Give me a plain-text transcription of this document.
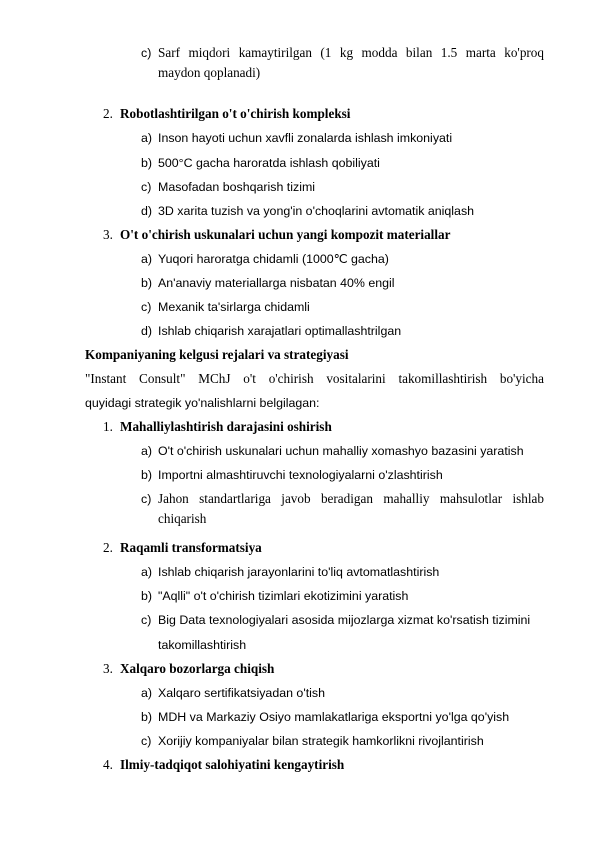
c) Sarf miqdori kamaytirilgan (1 kg modda bilan 1.5 marta ko'proq
maydon qoplanadi)
2. Robotlashtirilgan o't o'chirish kompleksi
a) Inson hayoti uchun xavfli zonalarda ishlash imkoniyati
b) 500°C gacha haroratda ishlash qobiliyati
c) Masofadan boshqarish tizimi
d) 3D xarita tuzish va yong'in o'choqlarini avtomatik aniqlash
3. O't o'chirish uskunalari uchun yangi kompozit materiallar
a) Yuqori haroratga chidamli (1000℃ gacha)
b) An'anaviy materiallarga nisbatan 40% engil
c) Mexanik ta'sirlarga chidamli
d) Ishlab chiqarish xarajatlari optimallashtrilgan
Kompaniyaning kelgusi rejalari va strategiyasi
"Instant Consult" MChJ o't o'chirish vositalarini takomillashtirish bo'yicha
quyidagi strategik yo'nalishlarni belgilagan:
1. Mahalliylashtirish darajasini oshirish
a) O't o'chirish uskunalari uchun mahalliy xomashyo bazasini yaratish
b) Importni almashtiruvchi texnologiyalarni o'zlashtirish
c) Jahon standartlariga javob beradigan mahalliy mahsulotlar ishlab
chiqarish
2. Raqamli transformatsiya
a) Ishlab chiqarish jarayonlarini to'liq avtomatlashtirish
b) "Aqlli" o't o'chirish tizimlari ekotizimini yaratish
c) Big Data texnologiyalari asosida mijozlarga xizmat ko'rsatish tizimini
takomillashtirish
3. Xalqaro bozorlarga chiqish
a) Xalqaro sertifikatsiyadan o'tish
b) MDH va Markaziy Osiyo mamlakatlariga eksportni yo'lga qo'yish
c) Xorijiy kompaniyalar bilan strategik hamkorlikni rivojlantirish
4. Ilmiy-tadqiqot salohiyatini kengaytirish
